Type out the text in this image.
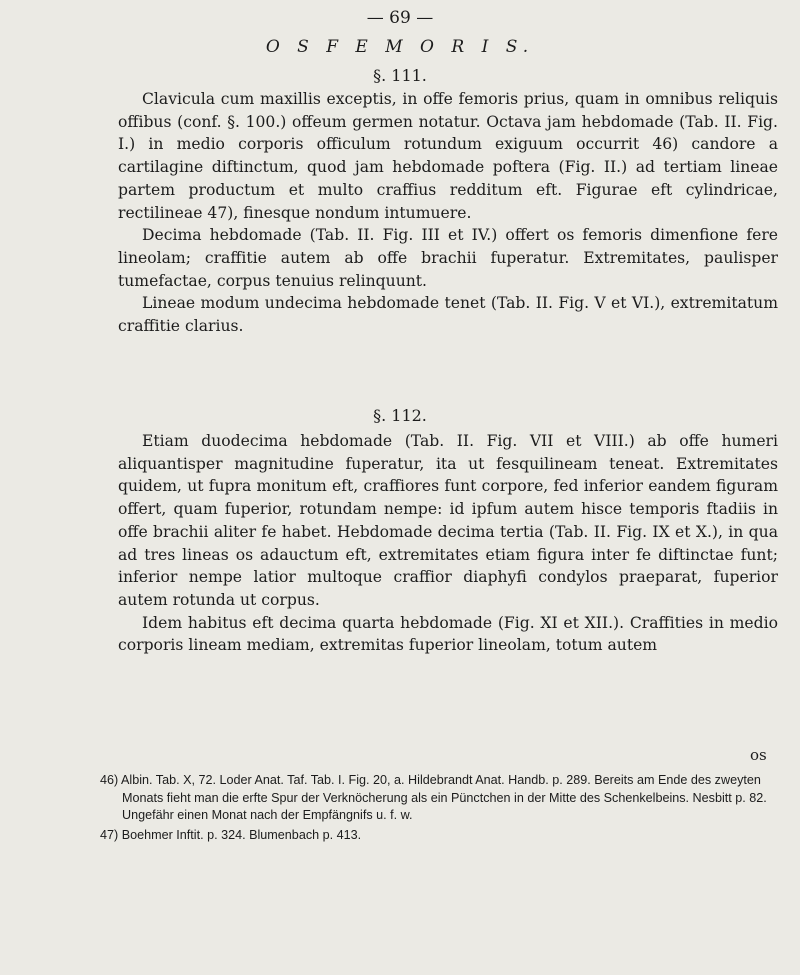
— 69 —
O S F E M O R I S.
§. 111.

Clavicula cum maxillis exceptis, in offe femoris prius, quam in omnibus reliquis offibus (conf. §. 100.) offeum germen notatur. Octava jam hebdomade (Tab. II. Fig. I.) in medio corporis officulum rotundum exiguum occurrit 46) candore a cartilagine diftinctum, quod jam hebdomade poftera (Fig. II.) ad tertiam lineae partem productum et multo craffius redditum eft. Figurae eft cylindricae, rectilineae 47), finesque nondum intumuere.

Decima hebdomade (Tab. II. Fig. III et IV.) offert os femoris dimenfione fere lineolam; craffitie autem ab offe brachii fuperatur. Extremitates, paulisper tumefactae, corpus tenuius relinquunt.

Lineae modum undecima hebdomade tenet (Tab. II. Fig. V et VI.), extremitatum craffitie clarius.

§. 112.

Etiam duodecima hebdomade (Tab. II. Fig. VII et VIII.) ab offe humeri aliquantisper magnitudine fuperatur, ita ut fesquilineam teneat. Extremitates quidem, ut fupra monitum eft, craffiores funt corpore, fed inferior eandem figuram offert, quam fuperior, rotundam nempe: id ipfum autem hisce temporis ftadiis in offe brachii aliter fe habet. Hebdomade decima tertia (Tab. II. Fig. IX et X.), in qua ad tres lineas os adauctum eft, extremitates etiam figura inter fe diftinctae funt; inferior nempe latior multoque craffior diaphyfi condylos praeparat, fuperior autem rotunda ut corpus.

Idem habitus eft decima quarta hebdomade (Fig. XI et XII.). Craffities in medio corporis lineam mediam, extremitas fuperior lineolam, totum autem

os

46) Albin. Tab. X, 72. Loder Anat. Taf. Tab. I. Fig. 20, a. Hildebrandt Anat. Handb. p. 289. Bereits am Ende des zweyten Monats fieht man die erfte Spur der Verknöcherung als ein Pünctchen in der Mitte des Schenkelbeins. Nesbitt p. 82. Ungefähr einen Monat nach der Empfängnifs u. f. w.

47) Boehmer Inftit. p. 324. Blumenbach p. 413.
